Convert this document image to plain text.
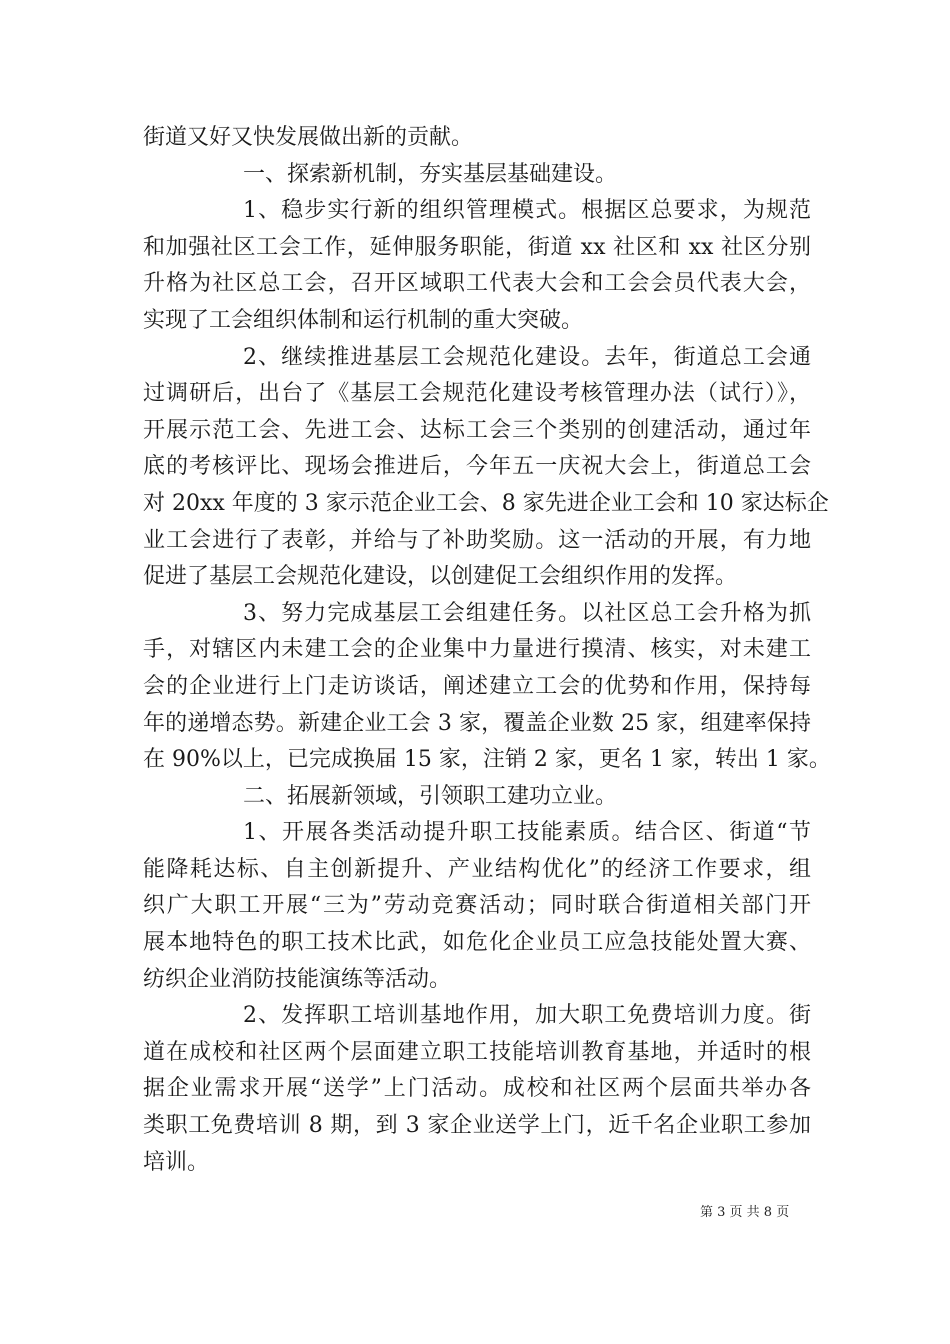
街道又好又快发展做出新的贡献。
一、探索新机制，夯实基层基础建设。
1、稳步实行新的组织管理模式。根据区总要求，为规范
和加强社区工会工作，延伸服务职能，街道 xx 社区和 xx 社区分别
升格为社区总工会，召开区域职工代表大会和工会会员代表大会，
实现了工会组织体制和运行机制的重大突破。
2、继续推进基层工会规范化建设。去年，街道总工会通
过调研后，出台了《基层工会规范化建设考核管理办法（试行）》，
开展示范工会、先进工会、达标工会三个类别的创建活动，通过年
底的考核评比、现场会推进后，今年五一庆祝大会上，街道总工会
对 20xx 年度的 3 家示范企业工会、8 家先进企业工会和 10 家达标企
业工会进行了表彰，并给与了补助奖励。这一活动的开展，有力地
促进了基层工会规范化建设，以创建促工会组织作用的发挥。
3、努力完成基层工会组建任务。以社区总工会升格为抓
手，对辖区内未建工会的企业集中力量进行摸清、核实，对未建工
会的企业进行上门走访谈话，阐述建立工会的优势和作用，保持每
年的递增态势。新建企业工会 3 家，覆盖企业数 25 家，组建率保持
在 90%以上，已完成换届 15 家，注销 2 家，更名 1 家，转出 1 家。
二、拓展新领域，引领职工建功立业。
1、开展各类活动提升职工技能素质。结合区、街道“节
能降耗达标、自主创新提升、产业结构优化”的经济工作要求，组
织广大职工开展“三为”劳动竞赛活动；同时联合街道相关部门开
展本地特色的职工技术比武，如危化企业员工应急技能处置大赛、
纺织企业消防技能演练等活动。
2、发挥职工培训基地作用，加大职工免费培训力度。街
道在成校和社区两个层面建立职工技能培训教育基地，并适时的根
据企业需求开展“送学”上门活动。成校和社区两个层面共举办各
类职工免费培训 8 期，到 3 家企业送学上门，近千名企业职工参加
培训。
第 3 页 共 8 页
